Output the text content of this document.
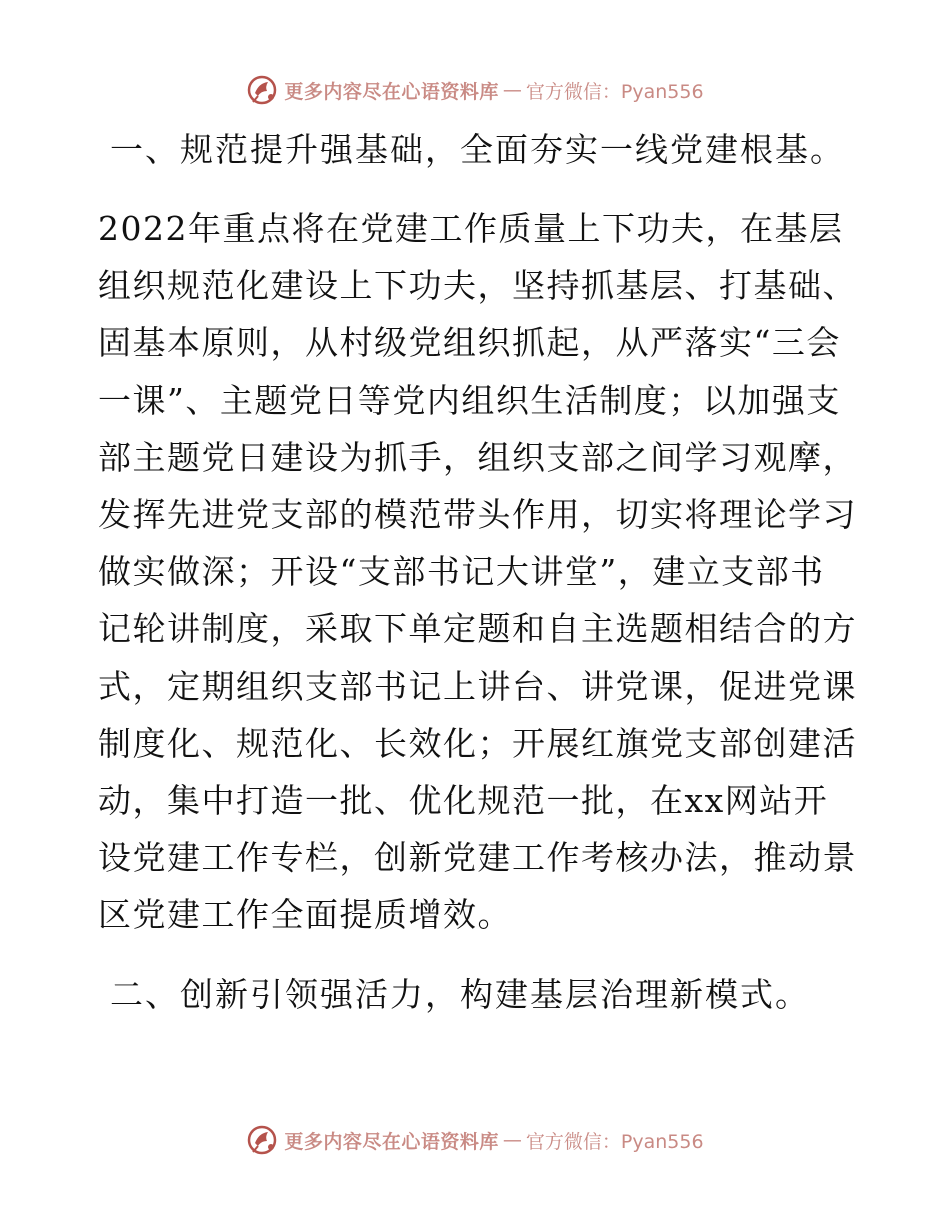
更多内容尽在心语资料库 — 官方微信：Pyan556
一、规范提升强基础，全面夯实一线党建根基。
2022年重点将在党建工作质量上下功夫，在基层
组织规范化建设上下功夫，坚持抓基层、打基础、
固基本原则，从村级党组织抓起，从严落实“三会
一课”、主题党日等党内组织生活制度；以加强支
部主题党日建设为抓手，组织支部之间学习观摩，
发挥先进党支部的模范带头作用，切实将理论学习
做实做深；开设“支部书记大讲堂”，建立支部书
记轮讲制度，采取下单定题和自主选题相结合的方
式，定期组织支部书记上讲台、讲党课，促进党课
制度化、规范化、长效化；开展红旗党支部创建活
动，集中打造一批、优化规范一批，在xx网站开
设党建工作专栏，创新党建工作考核办法，推动景
区党建工作全面提质增效。
二、创新引领强活力，构建基层治理新模式。
更多内容尽在心语资料库 — 官方微信：Pyan556
